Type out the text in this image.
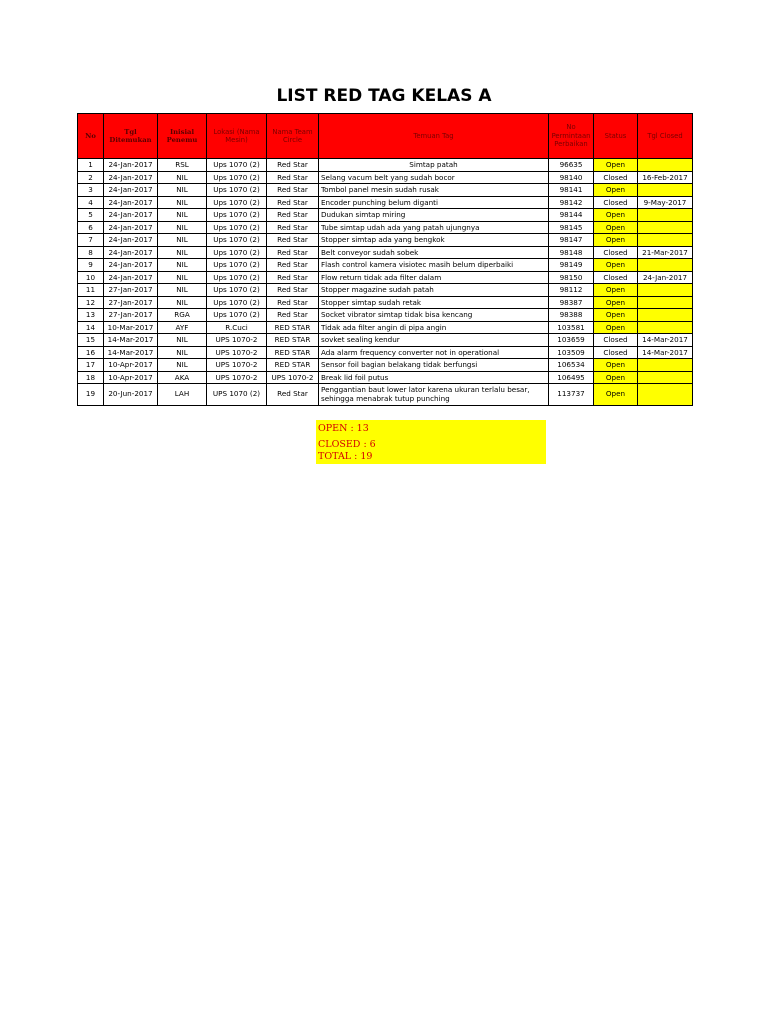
LIST RED TAG KELAS A
No	Tgl Ditemukan	Inisial Penemu	Lokasi (Nama Mesin)	Nama Team Circle	Temuan Tag	No Permintaan Perbaikan	Status	Tgl Closed
1	24-Jan-2017	RSL	Ups 1070 (2)	Red Star	Simtap patah	96635	Open	
2	24-Jan-2017	NIL	Ups 1070 (2)	Red Star	Selang vacum belt yang sudah bocor	98140	Closed	16-Feb-2017
3	24-Jan-2017	NIL	Ups 1070 (2)	Red Star	Tombol panel mesin sudah rusak	98141	Open	
4	24-Jan-2017	NIL	Ups 1070 (2)	Red Star	Encoder punching belum diganti	98142	Closed	9-May-2017
5	24-Jan-2017	NIL	Ups 1070 (2)	Red Star	Dudukan simtap miring	98144	Open	
6	24-Jan-2017	NIL	Ups 1070 (2)	Red Star	Tube simtap udah ada yang patah ujungnya	98145	Open	
7	24-Jan-2017	NIL	Ups 1070 (2)	Red Star	Stopper simtap ada yang bengkok	98147	Open	
8	24-Jan-2017	NIL	Ups 1070 (2)	Red Star	Belt conveyor sudah sobek	98148	Closed	21-Mar-2017
9	24-Jan-2017	NIL	Ups 1070 (2)	Red Star	Flash control kamera visiotec masih belum diperbaiki	98149	Open	
10	24-Jan-2017	NIL	Ups 1070 (2)	Red Star	Flow return tidak ada filter dalam	98150	Closed	24-Jan-2017
11	27-Jan-2017	NIL	Ups 1070 (2)	Red Star	Stopper magazine sudah patah	98112	Open	
12	27-Jan-2017	NIL	Ups 1070 (2)	Red Star	Stopper simtap sudah retak	98387	Open	
13	27-Jan-2017	RGA	Ups 1070 (2)	Red Star	Socket vibrator simtap tidak bisa kencang	98388	Open	
14	10-Mar-2017	AYF	R.Cuci	RED STAR	Tidak ada filter angin di pipa angin	103581	Open	
15	14-Mar-2017	NIL	UPS 1070-2	RED STAR	sovket sealing kendur	103659	Closed	14-Mar-2017
16	14-Mar-2017	NIL	UPS 1070-2	RED STAR	Ada alarm frequency converter not in operational	103509	Closed	14-Mar-2017
17	10-Apr-2017	NIL	UPS 1070-2	RED STAR	Sensor foil bagian belakang tidak berfungsi	106534	Open	
18	10-Apr-2017	AKA	UPS 1070-2	UPS 1070-2	Break lid foil putus	106495	Open	
19	20-Jun-2017	LAH	UPS 1070 (2)	Red Star	Penggantian baut lower lator karena ukuran terlalu besar, sehingga menabrak tutup punching	113737	Open	
OPEN : 13
CLOSED : 6
TOTAL : 19
